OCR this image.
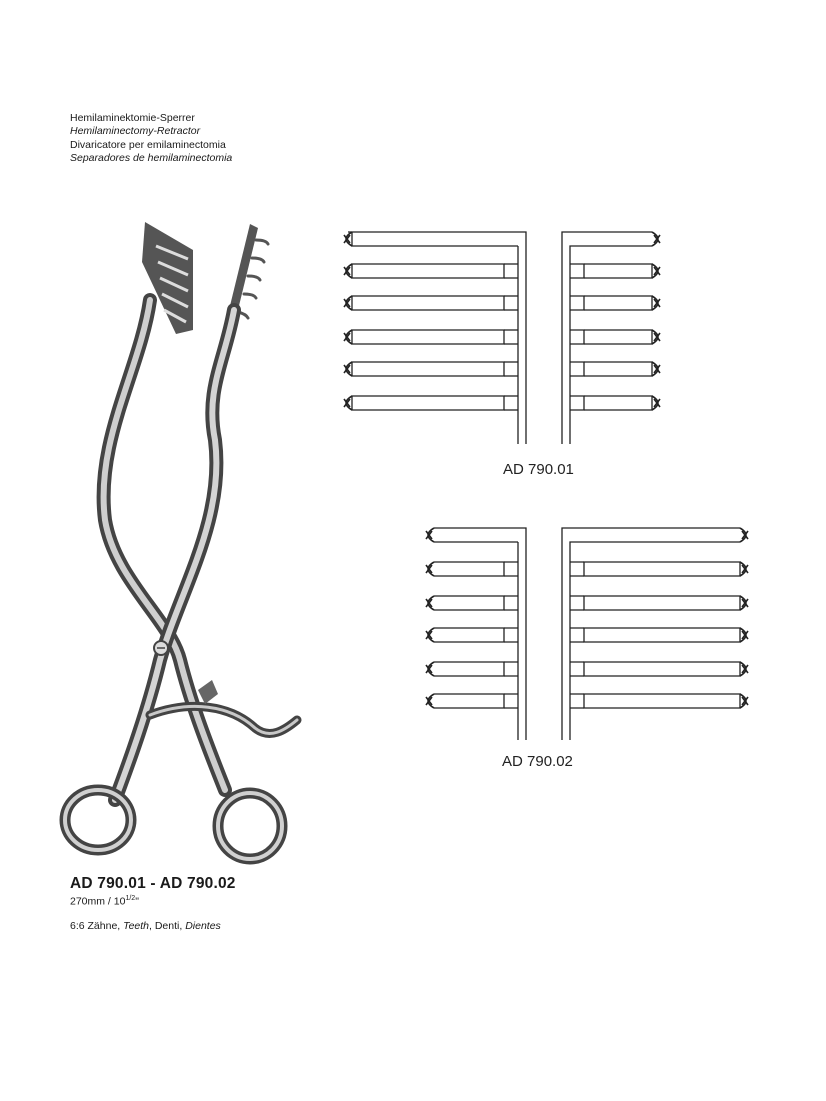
Hemilaminektomie-Sperrer
Hemilaminectomy-Retractor
Divaricatore per emilaminectomia
Separadores de hemilaminectomia
AD 790.01
AD 790.02
AD 790.01 - AD 790.02
$270mm / 10^{1/2}$"
6:6 Zähne, Teeth, Denti, Dientes
